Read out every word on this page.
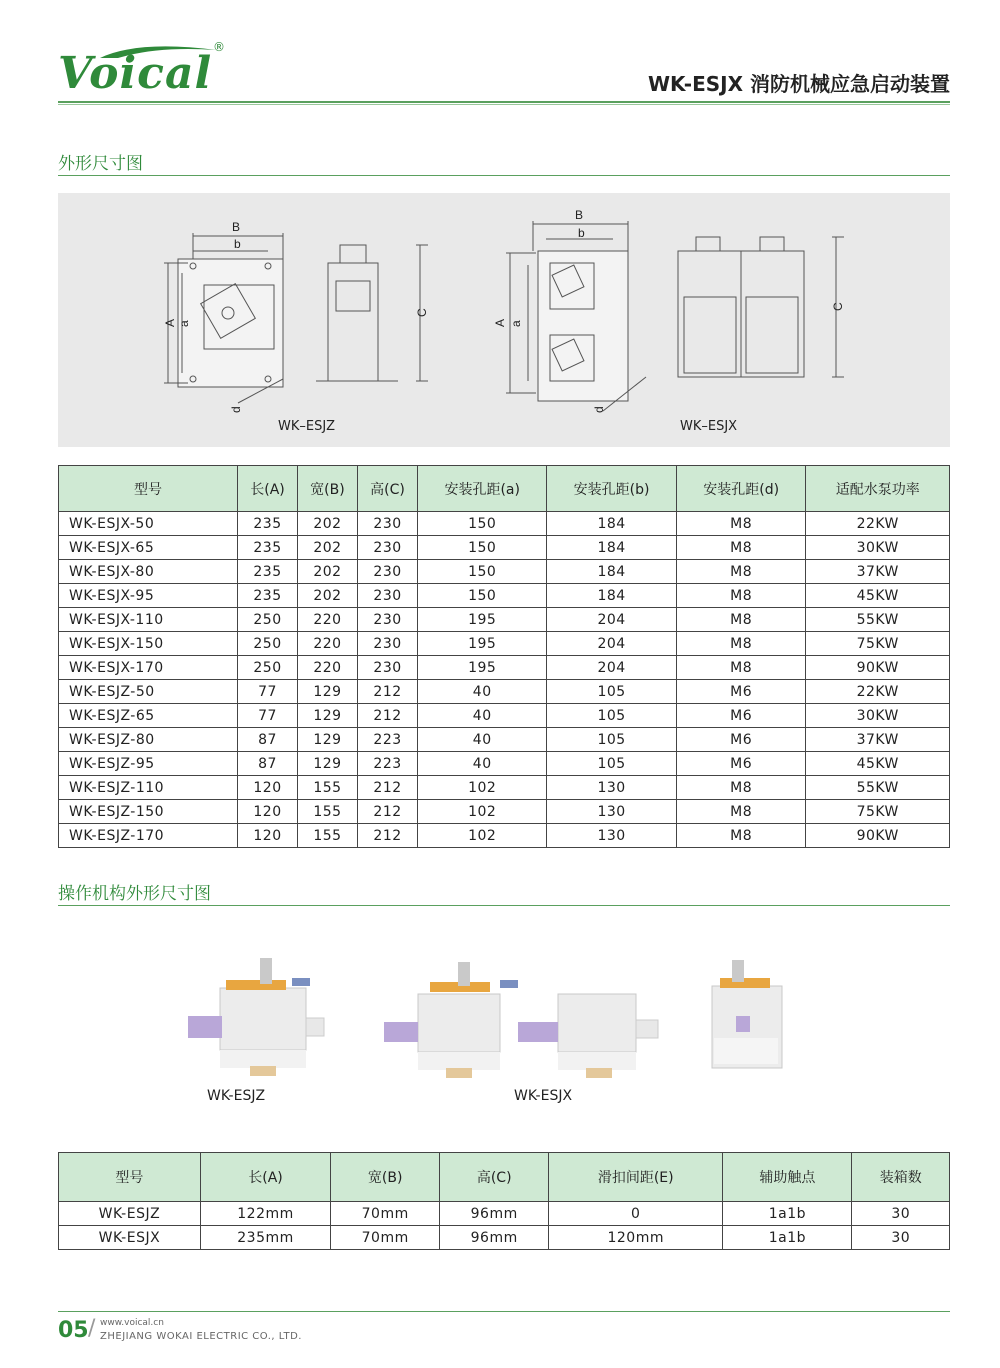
Voical
®
WK-ESJX 消防机械应急启动装置
外形尺寸图
B
b
A a
C
d
B
b
A a
C
d
WK–ESJZ	WK–ESJX
型号	长(A)	宽(B)	高(C)	安装孔距(a)	安装孔距(b)	安装孔距(d)	适配水泵功率
WK-ESJX-50	235	202	230	150	184	M8	22KW
WK-ESJX-65	235	202	230	150	184	M8	30KW
WK-ESJX-80	235	202	230	150	184	M8	37KW
WK-ESJX-95	235	202	230	150	184	M8	45KW
WK-ESJX-110	250	220	230	195	204	M8	55KW
WK-ESJX-150	250	220	230	195	204	M8	75KW
WK-ESJX-170	250	220	230	195	204	M8	90KW
WK-ESJZ-50	77	129	212	40	105	M6	22KW
WK-ESJZ-65	77	129	212	40	105	M6	30KW
WK-ESJZ-80	87	129	223	40	105	M6	37KW
WK-ESJZ-95	87	129	223	40	105	M6	45KW
WK-ESJZ-110	120	155	212	102	130	M8	55KW
WK-ESJZ-150	120	155	212	102	130	M8	75KW
WK-ESJZ-170	120	155	212	102	130	M8	90KW
操作机构外形尺寸图
WK-ESJZ	WK-ESJX
型号	长(A)	宽(B)	高(C)	滑扣间距(E)	辅助触点	装箱数
WK-ESJZ	122mm	70mm	96mm	0	1a1b	30
WK-ESJX	235mm	70mm	96mm	120mm	1a1b	30
05 / www.voical.cn
ZHEJIANG WOKAI ELECTRIC CO., LTD.
